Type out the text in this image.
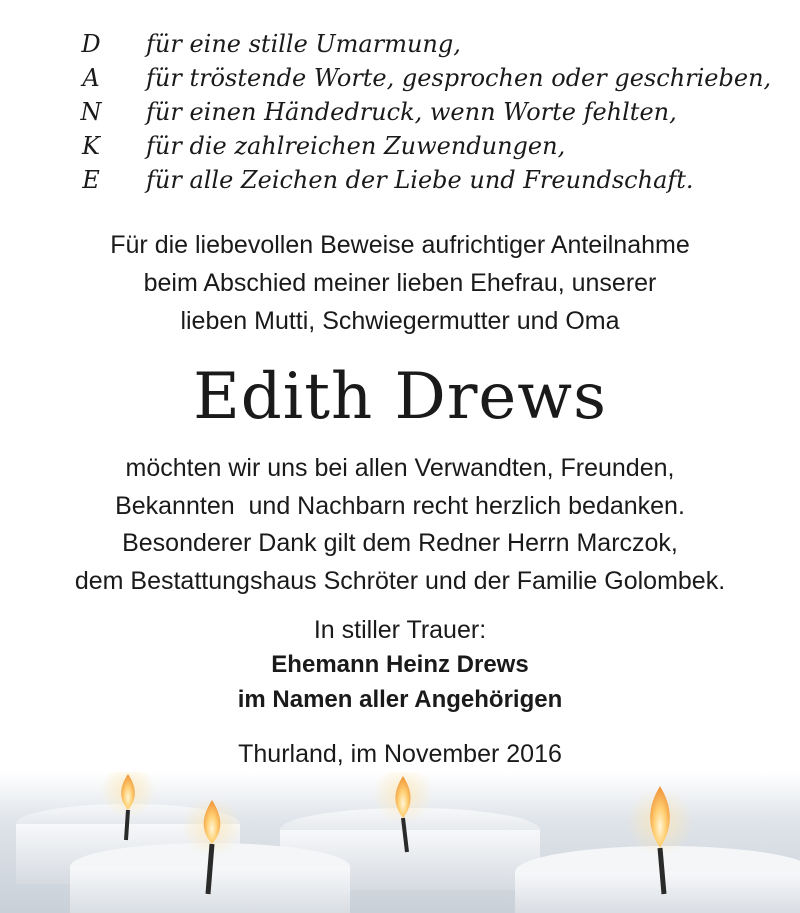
D für eine stille Umarmung,
A für tröstende Worte, gesprochen oder geschrieben,
N für einen Händedruck, wenn Worte fehlten,
K für die zahlreichen Zuwendungen,
E für alle Zeichen der Liebe und Freundschaft.
Für die liebevollen Beweise aufrichtiger Anteilnahme
beim Abschied meiner lieben Ehefrau, unserer
lieben Mutti, Schwiegermutter und Oma
Edith Drews
möchten wir uns bei allen Verwandten, Freunden,
Bekannten  und Nachbarn recht herzlich bedanken.
Besonderer Dank gilt dem Redner Herrn Marczok,
dem Bestattungshaus Schröter und der Familie Golombek.
In stiller Trauer:
Ehemann Heinz Drews
im Namen aller Angehörigen
Thurland, im November 2016
